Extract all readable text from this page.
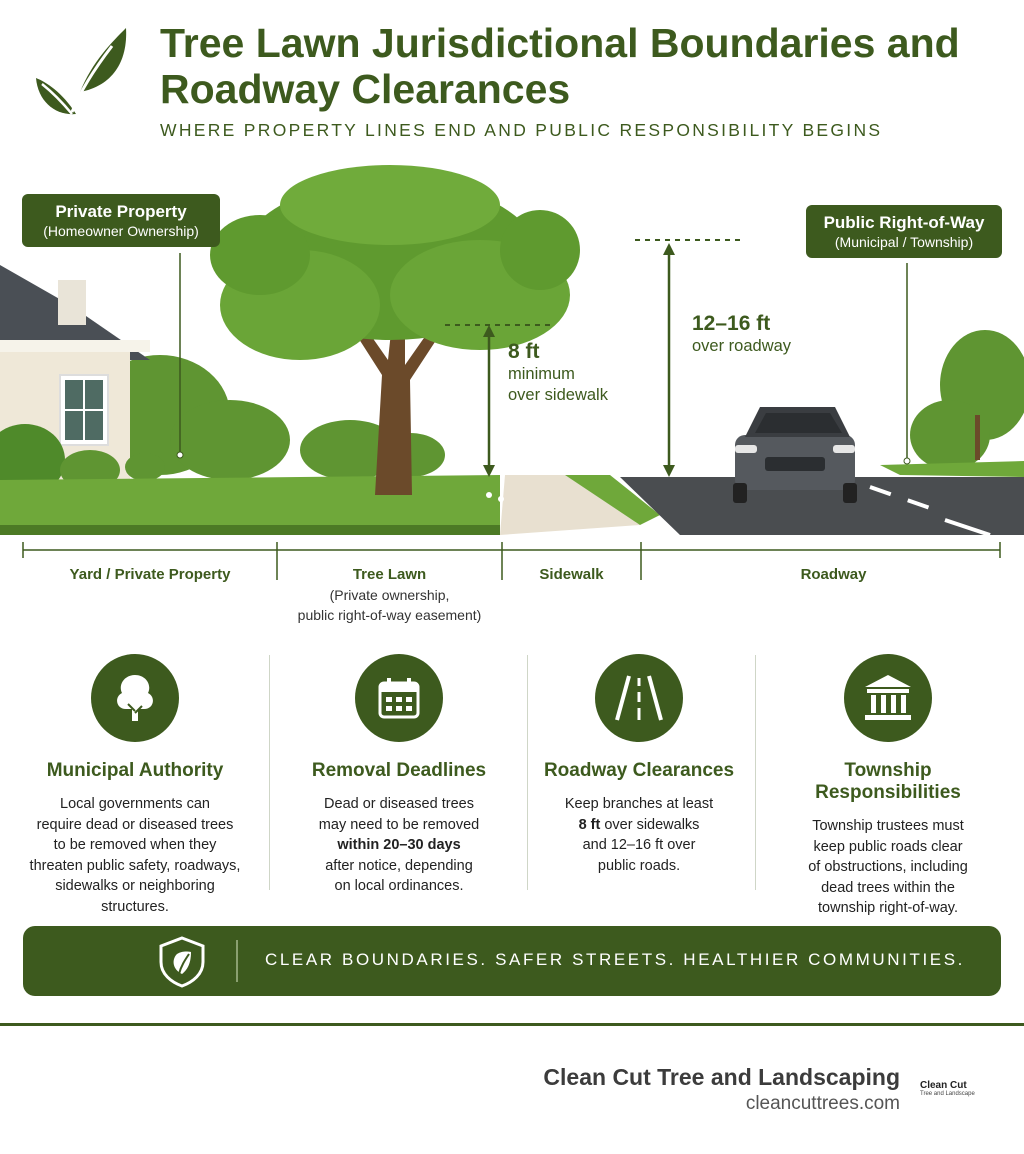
Tree Lawn Jurisdictional Boundaries and Roadway Clearances
WHERE PROPERTY LINES END AND PUBLIC RESPONSIBILITY BEGINS
Private Property
(Homeowner Ownership)	Public Right-of-Way
(Municipal / Township)
8 ft
minimum
over sidewalk
12–16 ft
over roadway
Yard / Private Property	Tree Lawn
(Private ownership,
public right-of-way easement)
Sidewalk	Roadway
Municipal Authority

Local governments can
require dead or diseased trees
to be removed when they
threaten public safety, roadways,
sidewalks or neighboring
structures.

Removal Deadlines

Dead or diseased trees
may need to be removed
within 20–30 days
after notice, depending
on local ordinances.

Roadway Clearances

Keep branches at least
8 ft over sidewalks
and 12–16 ft over
public roads.

Township Responsibilities

Township trustees must
keep public roads clear
of obstructions, including
dead trees within the
township right-of-way.

CLEAR BOUNDARIES. SAFER STREETS. HEALTHIER COMMUNITIES.
Clean Cut Tree and Landscaping
cleancuttrees.com
Clean Cut
Tree and Landscape
